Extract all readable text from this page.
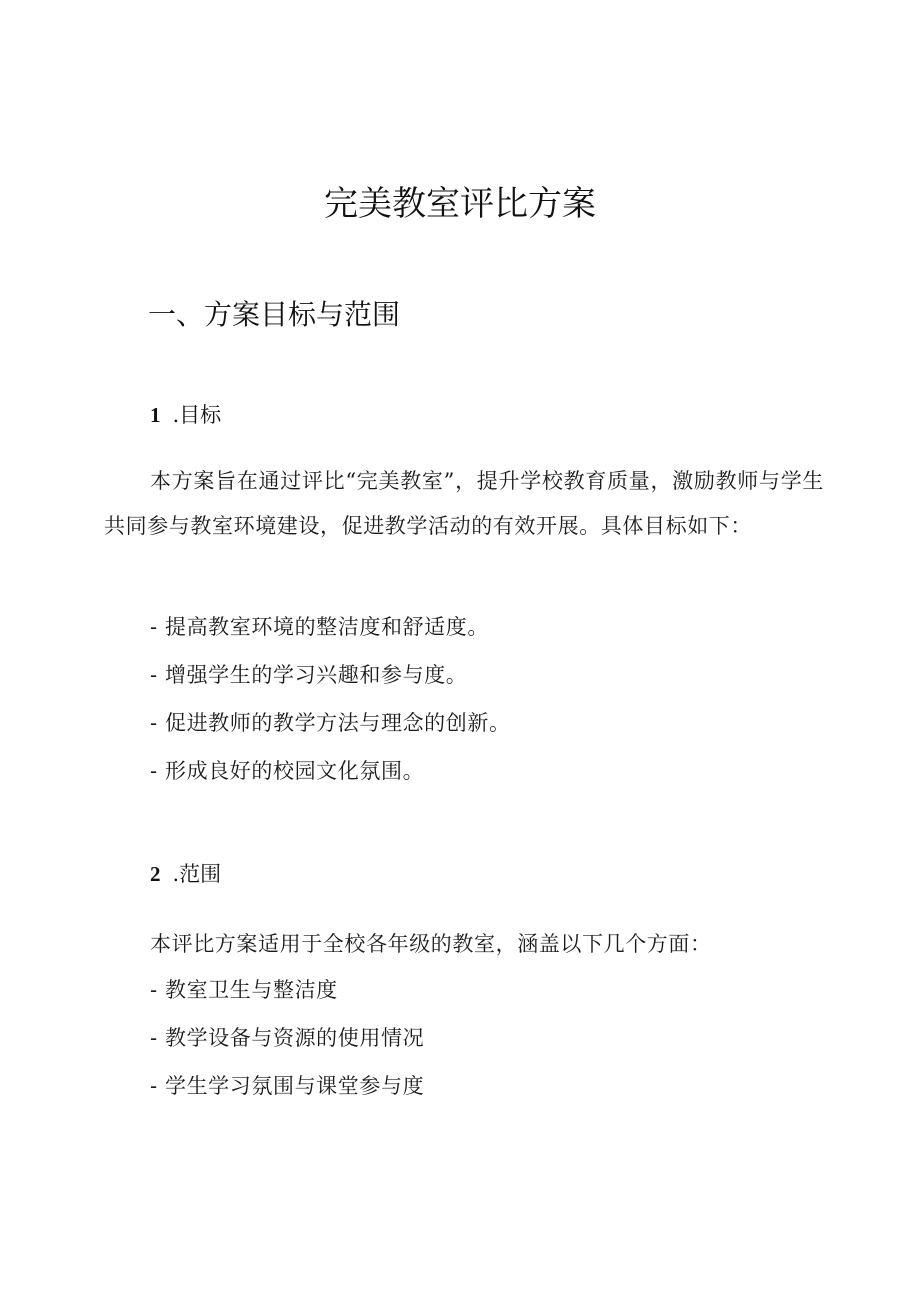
完美教室评比方案
一、方案目标与范围
1 .目标
本方案旨在通过评比“完美教室”，提升学校教育质量，激励教师与学生共同参与教室环境建设，促进教学活动的有效开展。具体目标如下：
- 提高教室环境的整洁度和舒适度。
- 增强学生的学习兴趣和参与度。
- 促进教师的教学方法与理念的创新。
- 形成良好的校园文化氛围。
2 .范围
本评比方案适用于全校各年级的教室，涵盖以下几个方面：
- 教室卫生与整洁度
- 教学设备与资源的使用情况
- 学生学习氛围与课堂参与度
